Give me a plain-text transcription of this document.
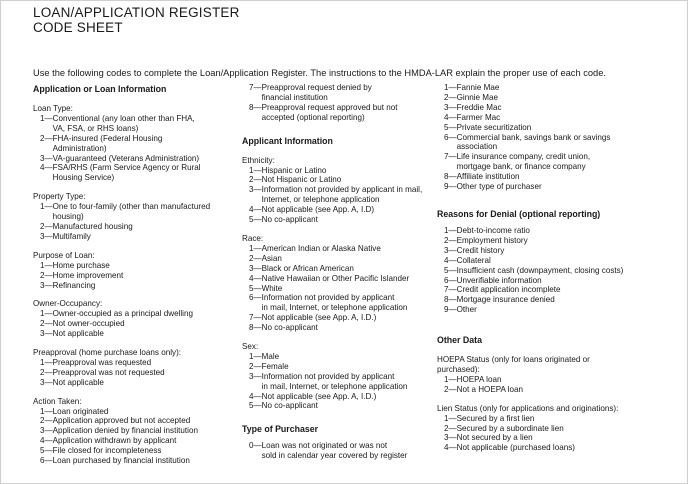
LOAN/APPLICATION REGISTER
CODE SHEET
Use the following codes to complete the Loan/Application Register. The instructions to the HMDA-LAR explain the proper use of each code.
Application or Loan Information
Loan Type:
1— Conventional (any loan other than FHA,
VA, FSA, or RHS loans)
2— FHA-insured (Federal Housing
Administration)
3— VA-guaranteed (Veterans Administration)
4— FSA/RHS (Farm Service Agency or Rural
Housing Service)
Property Type:
1— One to four-family (other than manufactured
housing)
2— Manufactured housing
3— Multifamily
Purpose of Loan:
1— Home purchase
2— Home improvement
3— Refinancing
Owner-Occupancy:
1— Owner-occupied as a principal dwelling
2— Not owner-occupied
3— Not applicable
Preapproval (home purchase loans only):
1— Preapproval was requested
2— Preapproval was not requested
3— Not applicable
Action Taken:
1— Loan originated
2— Application approved but not accepted
3— Application denied by financial institution
4— Application withdrawn by applicant
5— File closed for incompleteness
6— Loan purchased by financial institution
7— Preapproval request denied by
financial institution
8— Preapproval request approved but not
accepted (optional reporting)
Applicant Information
Ethnicity:
1— Hispanic or Latino
2— Not Hispanic or Latino
3— Information not provided by applicant in mail,
Internet, or telephone application
4— Not applicable (see App. A, I.D)
5— No co-applicant
Race:
1— American Indian or Alaska Native
2— Asian
3— Black or African American
4— Native Hawaiian or Other Pacific Islander
5— White
6— Information not provided by applicant
in mail, Internet, or telephone application
7— Not applicable (see App. A, I.D.)
8— No co-applicant
Sex:
1— Male
2— Female
3— Information not provided by applicant
in mail, Internet, or telephone application
4— Not applicable (see App. A, I.D.)
5— No co-applicant
Type of Purchaser
0— Loan was not originated or was not
sold in calendar year covered by register
1— Fannie Mae
2— Ginnie Mae
3— Freddie Mac
4— Farmer Mac
5— Private securitization
6— Commercial bank, savings bank or savings
association
7— Life insurance company, credit union,
mortgage bank, or finance company
8— Affiliate institution
9— Other type of purchaser
Reasons for Denial (optional reporting)
1— Debt-to-income ratio
2— Employment history
3— Credit history
4— Collateral
5— Insufficient cash (downpayment, closing costs)
6— Unverifiable information
7— Credit application incomplete
8— Mortgage insurance denied
9— Other
Other Data
HOEPA Status (only for loans originated or
purchased):
1— HOEPA loan
2— Not a HOEPA loan
Lien Status (only for applications and originations):
1— Secured by a first lien
2— Secured by a subordinate lien
3— Not secured by a lien
4— Not applicable (purchased loans)
